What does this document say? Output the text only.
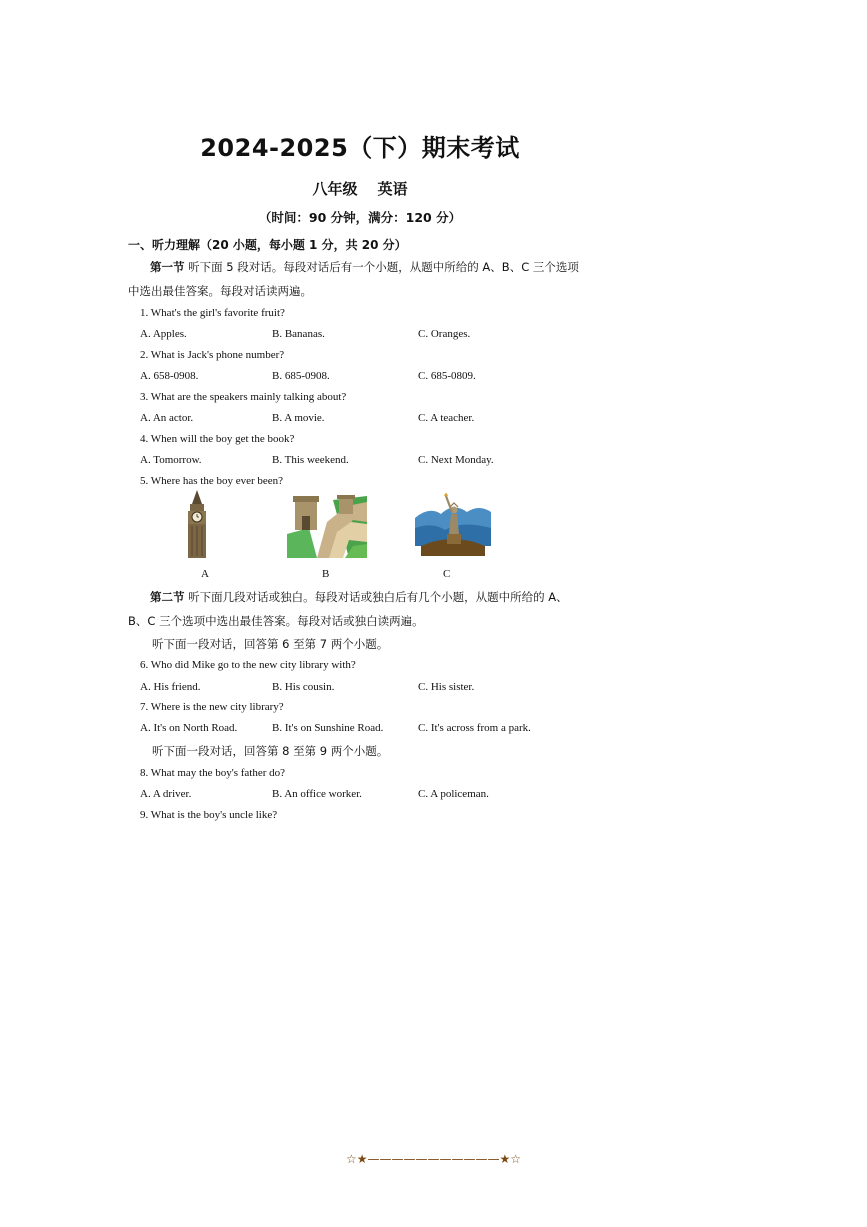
2024-2025（下）期末考试
八年级 英语
（时间：90 分钟，满分：120 分）
一、听力理解（20 小题，每小题 1 分，共 20 分）
第一节 听下面 5 段对话。每段对话后有一个小题，从题中所给的 A、B、C 三个选项
中选出最佳答案。每段对话读两遍。
1. What's the girl's favorite fruit?
A. Apples.	B. Bananas.	C. Oranges.
2. What is Jack's phone number?
A. 658-0908.	B. 685-0908.	C. 685-0809.
3. What are the speakers mainly talking about?
A. An actor.	B. A movie.	C. A teacher.
4. When will the boy get the book?
A. Tomorrow.	B. This weekend.	C. Next Monday.
5. Where has the boy ever been?
A	B	C
第二节 听下面几段对话或独白。每段对话或独白后有几个小题，从题中所给的 A、
B、C 三个选项中选出最佳答案。每段对话或独白读两遍。
听下面一段对话，回答第 6 至第 7 两个小题。
6. Who did Mike go to the new city library with?
A. His friend.	B. His cousin.	C. His sister.
7. Where is the new city library?
A. It's on North Road.	B. It's on Sunshine Road.	C. It's across from a park.
听下面一段对话，回答第 8 至第 9 两个小题。
8. What may the boy's father do?
A. A driver.	B. An office worker.	C. A policeman.
9. What is the boy's uncle like?
☆★———————————★☆
